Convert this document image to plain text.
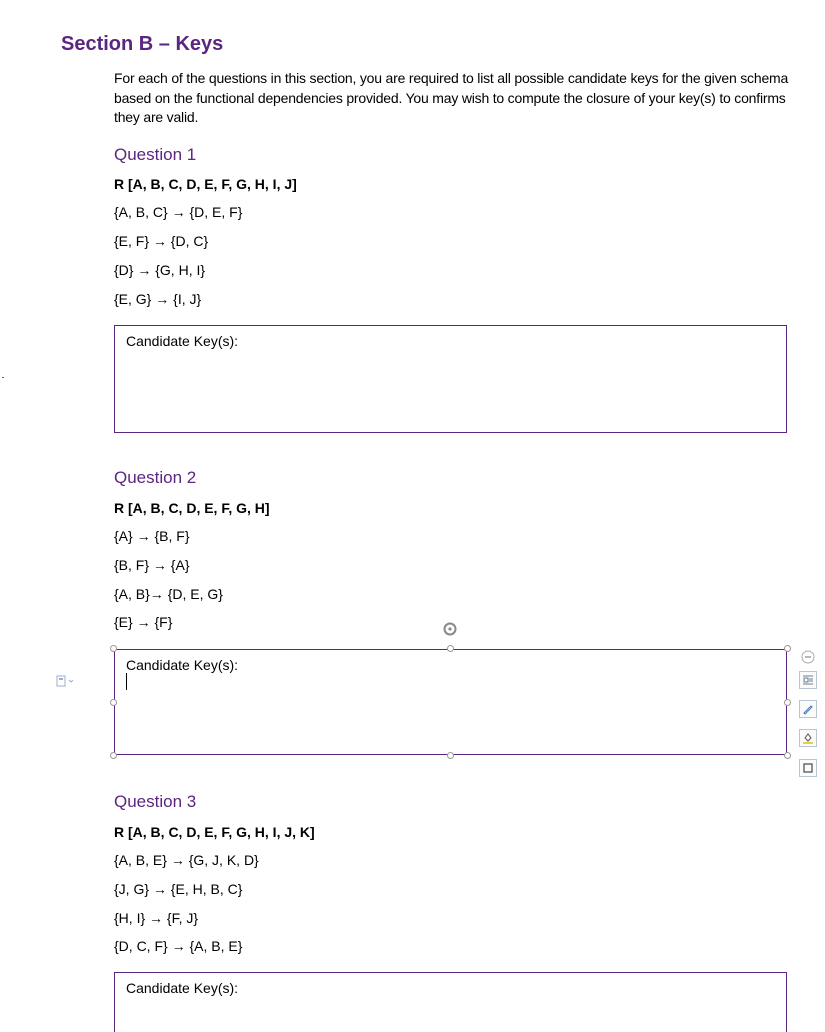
Section B – Keys
For each of the questions in this section, you are required to list all possible candidate keys for the given schema based on the functional dependencies provided. You may wish to compute the closure of your key(s) to confirms they are valid.
Question 1
R [A, B, C, D, E, F, G, H, I, J]
{A, B, C} → {D, E, F}
{E, F} → {D, C}
{D} → {G, H, I}
{E, G} → {I, J}
Candidate Key(s):
Question 2
R [A, B, C, D, E, F, G, H]
{A} → {B, F}
{B, F} → {A}
{A, B}→ {D, E, G}
{E} → {F}
Candidate Key(s):
Question 3
R [A, B, C, D, E, F, G, H, I, J, K]
{A, B, E} → {G, J, K, D}
{J, G} → {E, H, B, C}
{H, I} → {F, J}
{D, C, F} → {A, B, E}
Candidate Key(s):
